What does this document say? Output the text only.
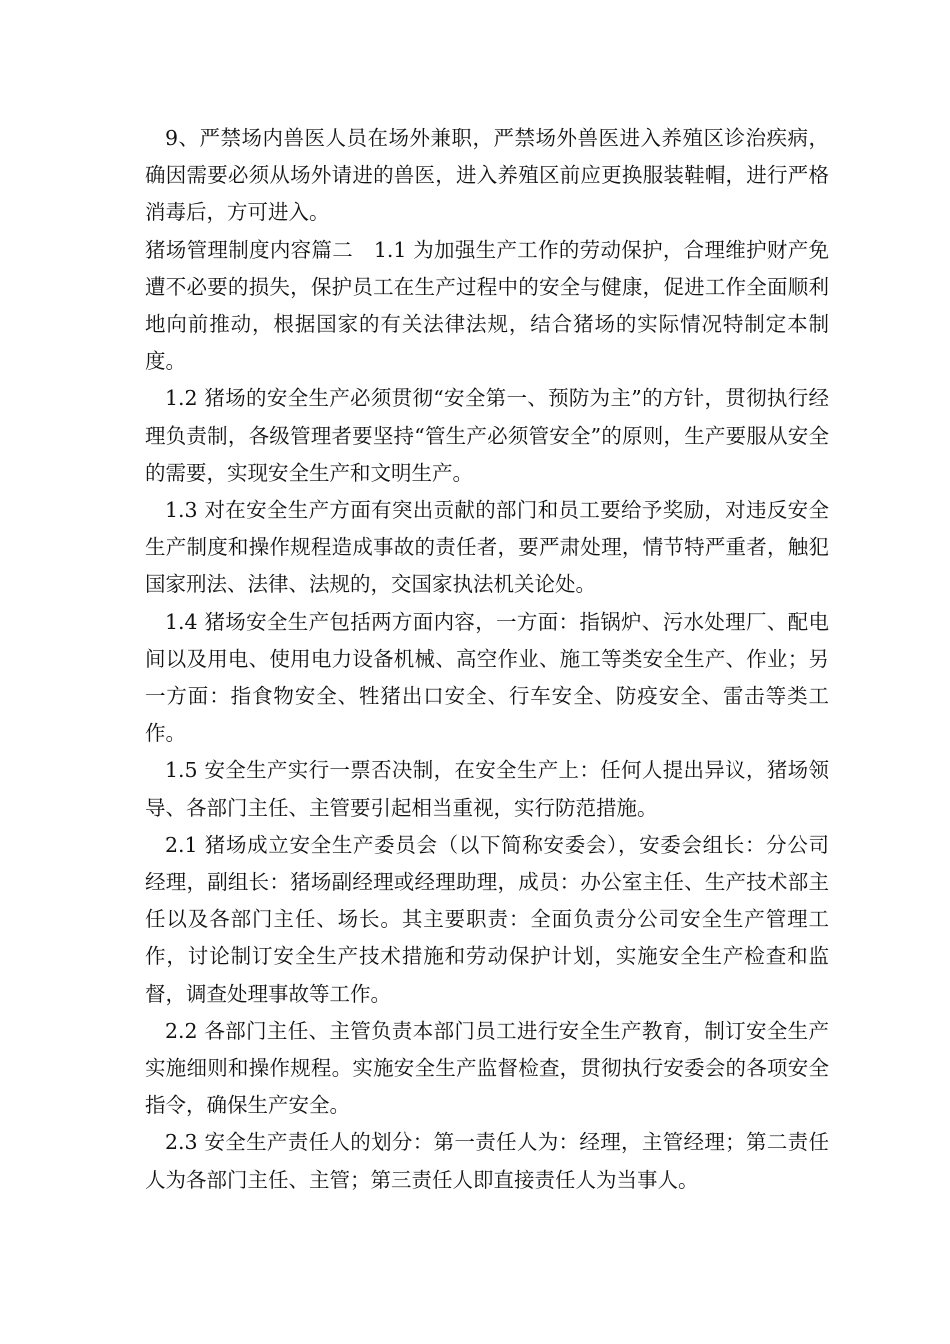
9、严禁场内兽医人员在场外兼职，严禁场外兽医进入养殖区诊治疾病，确因需要必须从场外请进的兽医，进入养殖区前应更换服装鞋帽，进行严格消毒后，方可进入。

猪场管理制度内容篇二　1.1 为加强生产工作的劳动保护，合理维护财产免遭不必要的损失，保护员工在生产过程中的安全与健康，促进工作全面顺利地向前推动，根据国家的有关法律法规，结合猪场的实际情况特制定本制度。

1.2 猪场的安全生产必须贯彻“安全第一、预防为主”的方针，贯彻执行经理负责制，各级管理者要坚持“管生产必须管安全”的原则，生产要服从安全的需要，实现安全生产和文明生产。

1.3 对在安全生产方面有突出贡献的部门和员工要给予奖励，对违反安全生产制度和操作规程造成事故的责任者，要严肃处理，情节特严重者，触犯国家刑法、法律、法规的，交国家执法机关论处。

1.4 猪场安全生产包括两方面内容，一方面：指锅炉、污水处理厂、配电间以及用电、使用电力设备机械、高空作业、施工等类安全生产、作业；另一方面：指食物安全、牲猪出口安全、行车安全、防疫安全、雷击等类工作。

1.5 安全生产实行一票否决制，在安全生产上：任何人提出异议，猪场领导、各部门主任、主管要引起相当重视，实行防范措施。

2.1 猪场成立安全生产委员会（以下简称安委会），安委会组长：分公司经理，副组长：猪场副经理或经理助理，成员：办公室主任、生产技术部主任以及各部门主任、场长。其主要职责：全面负责分公司安全生产管理工作，讨论制订安全生产技术措施和劳动保护计划，实施安全生产检查和监督，调查处理事故等工作。

2.2 各部门主任、主管负责本部门员工进行安全生产教育，制订安全生产实施细则和操作规程。实施安全生产监督检查，贯彻执行安委会的各项安全指令，确保生产安全。

2.3 安全生产责任人的划分：第一责任人为：经理，主管经理；第二责任人为各部门主任、主管；第三责任人即直接责任人为当事人。
